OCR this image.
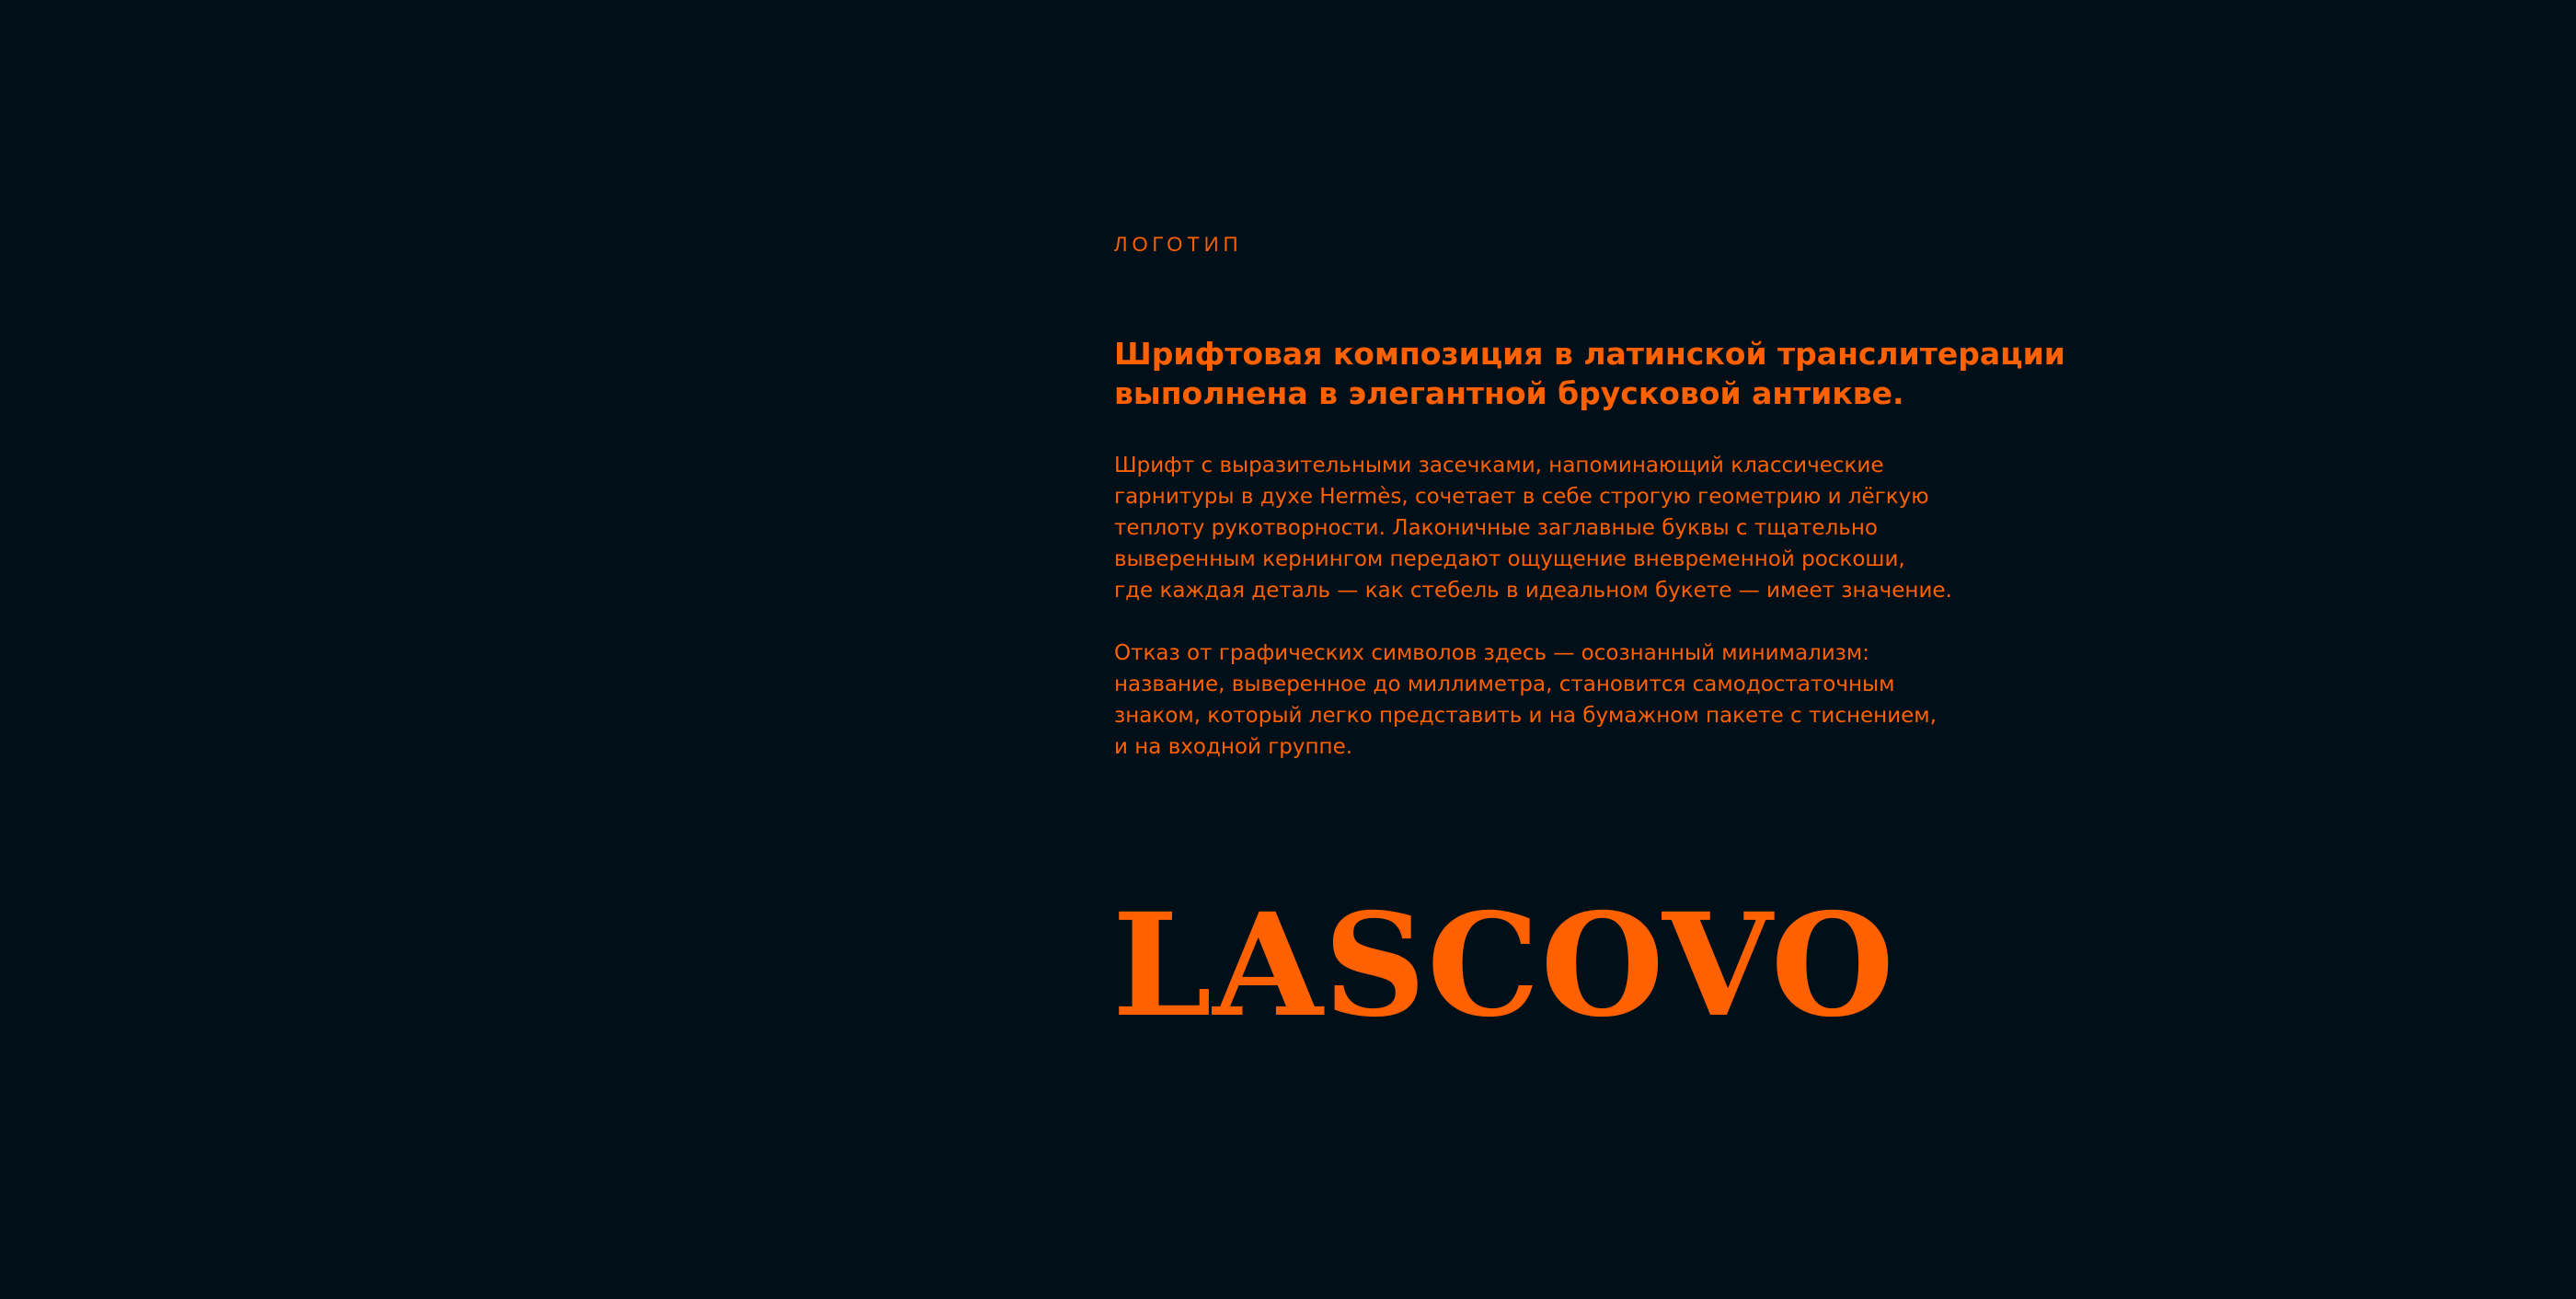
ЛОГОТИП

Шрифтовая композиция в латинской транслитерации
выполнена в элегантной брусковой антикве.

Шрифт с выразительными засечками, напоминающий классические
гарнитуры в духе Hermès, сочетает в себе строгую геометрию и лёгкую
теплоту рукотворности. Лаконичные заглавные буквы с тщательно
выверенным кернингом передают ощущение вневременной роскоши,
где каждая деталь — как стебель в идеальном букете — имеет значение.

Отказ от графических символов здесь — осознанный минимализм:
название, выверенное до миллиметра, становится самодостаточным
знаком, который легко представить и на бумажном пакете с тиснением,
и на входной группе.

LASCOVO
